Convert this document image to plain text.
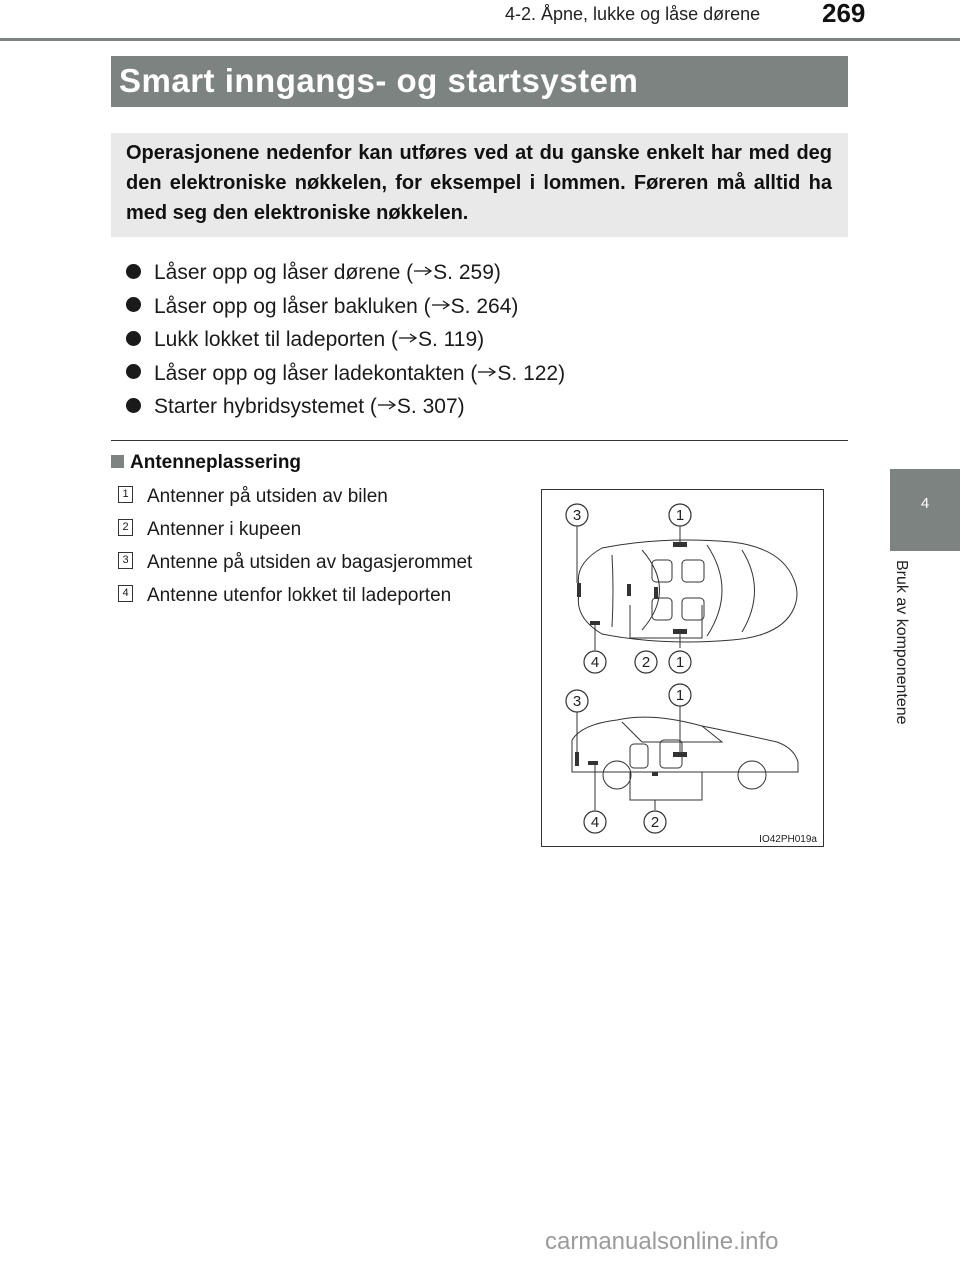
4-2. Åpne, lukke og låse dørene 269
Smart inngangs- og startsystem

Operasjonene nedenfor kan utføres ved at du ganske enkelt har med deg den elektroniske nøkkelen, for eksempel i lommen. Føreren må alltid ha med seg den elektroniske nøkkelen.

Låser opp og låser dørene ( S. 259)
Låser opp og låser bakluken ( S. 264)
Lukk lokket til ladeporten ( S. 119)
Låser opp og låser ladekontakten ( S. 122)
Starter hybridsystemet ( S. 307)
Antenneplassering
1 Antenner på utsiden av bilen
2 Antenner i kupeen
3 Antenne på utsiden av bagasjerommet
4 Antenne utenfor lokket til ladeporten
3	1
4	2 1
3	1
4	2
IO42PH019a
4
Bruk av komponentene
carmanualsonline.info
